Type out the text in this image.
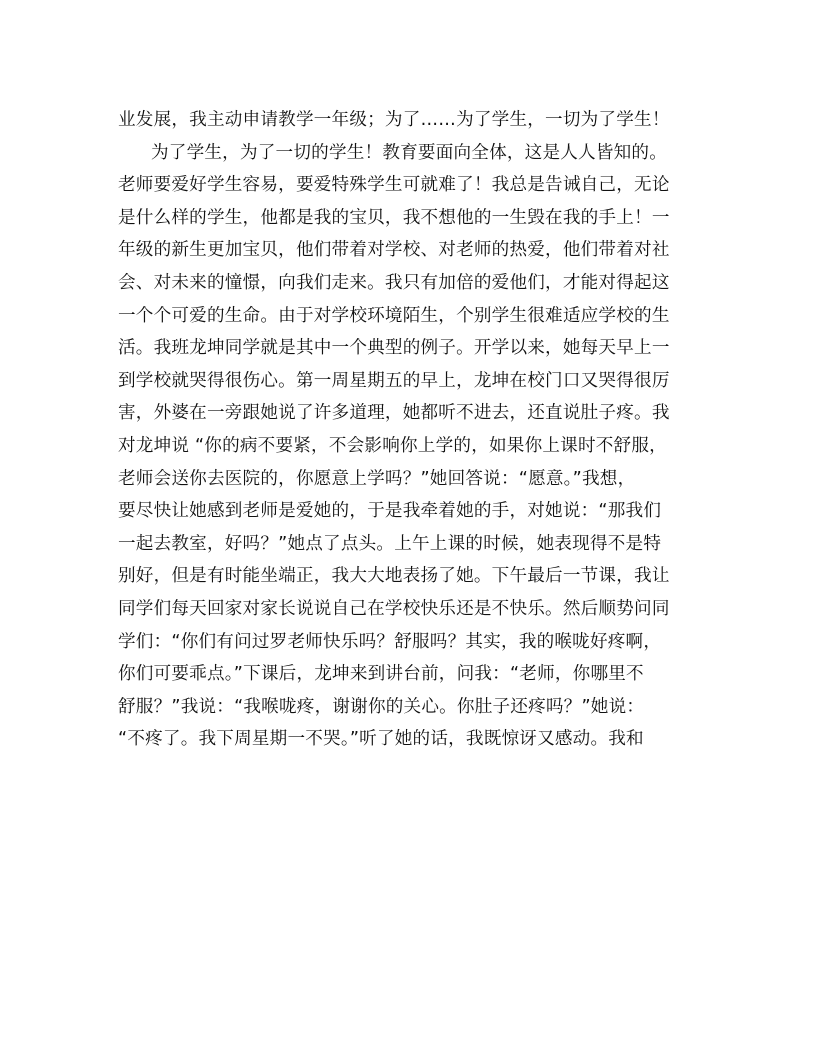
业发展，我主动申请教学一年级；为了……为了学生，一切为了学生！
为了学生，为了一切的学生！教育要面向全体，这是人人皆知的。
老师要爱好学生容易，要爱特殊学生可就难了！我总是告诫自己，无论
是什么样的学生，他都是我的宝贝，我不想他的一生毁在我的手上！一
年级的新生更加宝贝，他们带着对学校、对老师的热爱，他们带着对社
会、对未来的憧憬，向我们走来。我只有加倍的爱他们，才能对得起这
一个个可爱的生命。由于对学校环境陌生，个别学生很难适应学校的生
活。我班龙坤同学就是其中一个典型的例子。开学以来，她每天早上一
到学校就哭得很伤心。第一周星期五的早上，龙坤在校门口又哭得很厉
害，外婆在一旁跟她说了许多道理，她都听不进去，还直说肚子疼。我
对龙坤说 “你的病不要紧，不会影响你上学的，如果你上课时不舒服，
老师会送你去医院的，你愿意上学吗？”她回答说：“愿意。”我想，
要尽快让她感到老师是爱她的，于是我牵着她的手，对她说：“那我们
一起去教室，好吗？”她点了点头。上午上课的时候，她表现得不是特
别好，但是有时能坐端正，我大大地表扬了她。下午最后一节课，我让
同学们每天回家对家长说说自己在学校快乐还是不快乐。然后顺势问同
学们：“你们有问过罗老师快乐吗？舒服吗？其实，我的喉咙好疼啊，
你们可要乖点。”下课后，龙坤来到讲台前，问我：“老师，你哪里不
舒服？”我说：“我喉咙疼，谢谢你的关心。你肚子还疼吗？”她说：
“不疼了。我下周星期一不哭。”听了她的话，我既惊讶又感动。我和
